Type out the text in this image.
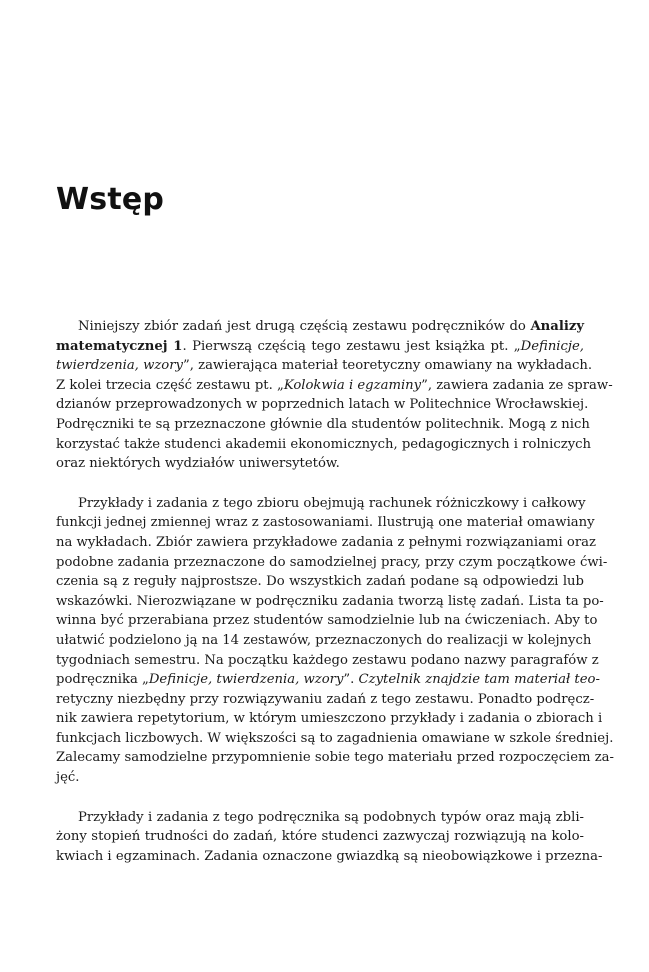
Wstęp
Niniejszy zbiór zadań jest drugą częścią zestawu podręczników do Analizy
matematycznej 1. Pierwszą częścią tego zestawu jest książka pt. „Definicje,
twierdzenia, wzory”, zawierająca materiał teoretyczny omawiany na wykładach.
Z kolei trzecia część zestawu pt. „Kolokwia i egzaminy”, zawiera zadania ze spraw-
dzianów przeprowadzonych w poprzednich latach w Politechnice Wrocławskiej.
Podręczniki te są przeznaczone głównie dla studentów politechnik. Mogą z nich
korzystać także studenci akademii ekonomicznych, pedagogicznych i rolniczych
oraz niektórych wydziałów uniwersytetów.
Przykłady i zadania z tego zbioru obejmują rachunek różniczkowy i całkowy
funkcji jednej zmiennej wraz z zastosowaniami. Ilustrują one materiał omawiany
na wykładach. Zbiór zawiera przykładowe zadania z pełnymi rozwiązaniami oraz
podobne zadania przeznaczone do samodzielnej pracy, przy czym początkowe ćwi-
czenia są z reguły najprostsze. Do wszystkich zadań podane są odpowiedzi lub
wskazówki. Nierozwiązane w podręczniku zadania tworzą listę zadań. Lista ta po-
winna być przerabiana przez studentów samodzielnie lub na ćwiczeniach. Aby to
ułatwić podzielono ją na 14 zestawów, przeznaczonych do realizacji w kolejnych
tygodniach semestru. Na początku każdego zestawu podano nazwy paragrafów z
podręcznika „Definicje, twierdzenia, wzory”. Czytelnik znajdzie tam materiał teo-
retyczny niezbędny przy rozwiązywaniu zadań z tego zestawu. Ponadto podręcz-
nik zawiera repetytorium, w którym umieszczono przykłady i zadania o zbiorach i
funkcjach liczbowych. W większości są to zagadnienia omawiane w szkole średniej.
Zalecamy samodzielne przypomnienie sobie tego materiału przed rozpoczęciem za-
jęć.
Przykłady i zadania z tego podręcznika są podobnych typów oraz mają zbli-
żony stopień trudności do zadań, które studenci zazwyczaj rozwiązują na kolo-
kwiach i egzaminach. Zadania oznaczone gwiazdką są nieobowiązkowe i przezna-
